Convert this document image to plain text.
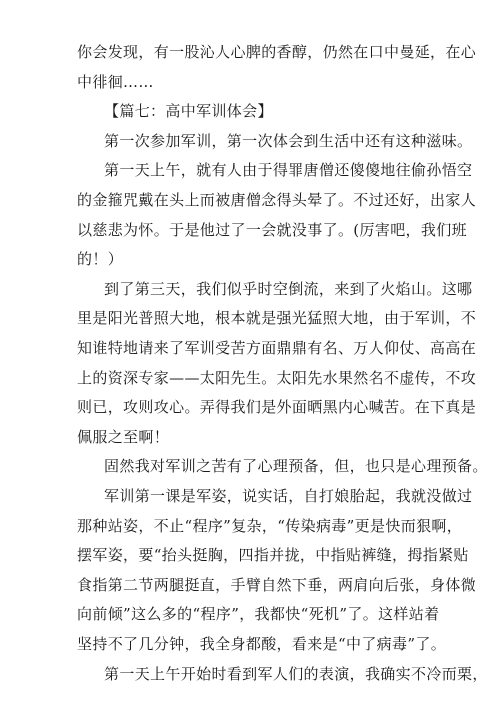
你会发现，有一股沁人心脾的香醇，仍然在口中曼延，在心
中徘徊……
【篇七：高中军训体会】
第一次参加军训，第一次体会到生活中还有这种滋味。
第一天上午，就有人由于得罪唐僧还傻傻地往偷孙悟空
的金箍咒戴在头上而被唐僧念得头晕了。不过还好，出家人
以慈悲为怀。于是他过了一会就没事了。(厉害吧，我们班
的！）
到了第三天，我们似乎时空倒流，来到了火焰山。这哪
里是阳光普照大地，根本就是强光猛照大地，由于军训，不
知谁特地请来了军训受苦方面鼎鼎有名、万人仰仗、高高在
上的资深专家——太阳先生。太阳先水果然名不虚传，不攻
则已，攻则攻心。弄得我们是外面晒黑内心喊苦。在下真是
佩服之至啊！
固然我对军训之苦有了心理预备，但，也只是心理预备。
军训第一课是军姿，说实话，自打娘胎起，我就没做过
那种站姿，不止“程序”复杂，“传染病毒”更是快而狠啊，
摆军姿，要“抬头挺胸，四指并拢，中指贴裤缝，拇指紧贴
食指第二节两腿挺直，手臂自然下垂，两肩向后张，身体微
向前倾”这么多的“程序”，我都快“死机”了。这样站着
坚持不了几分钟，我全身都酸，看来是“中了病毒”了。
第一天上午开始时看到军人们的表演，我确实不冷而栗，
